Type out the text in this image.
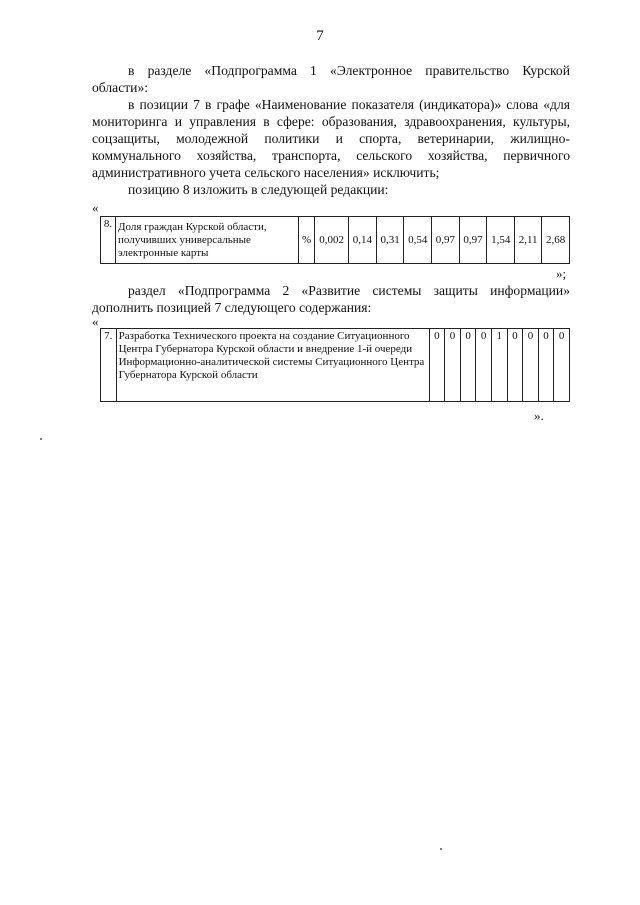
7

в разделе «Подпрограмма 1 «Электронное правительство Курской области»:

в позиции 7 в графе «Наименование показателя (индикатора)» слова «для мониторинга и управления в сфере: образования, здравоохранения, культуры, соцзащиты, молодежной политики и спорта, ветеринарии, жилищно-коммунального хозяйства, транспорта, сельского хозяйства, первичного административного учета сельского населения» исключить;

позицию 8 изложить в следующей редакции:

«
8.	Доля граждан Курской области, получивших универсальные электронные карты	%	0,002	0,14	0,31	0,54	0,97	0,97	1,54	2,11	2,68
»;

раздел «Подпрограмма 2 «Развитие системы защиты информации» дополнить позицией 7 следующего содержания:

«
7.	Разработка Технического проекта на создание Ситуационного Центра Губернатора Курской области и внедрение 1-й очереди Информационно-аналитической системы Ситуационного Центра Губернатора Курской области	0	0	0	0	1	0	0	0	0
».
